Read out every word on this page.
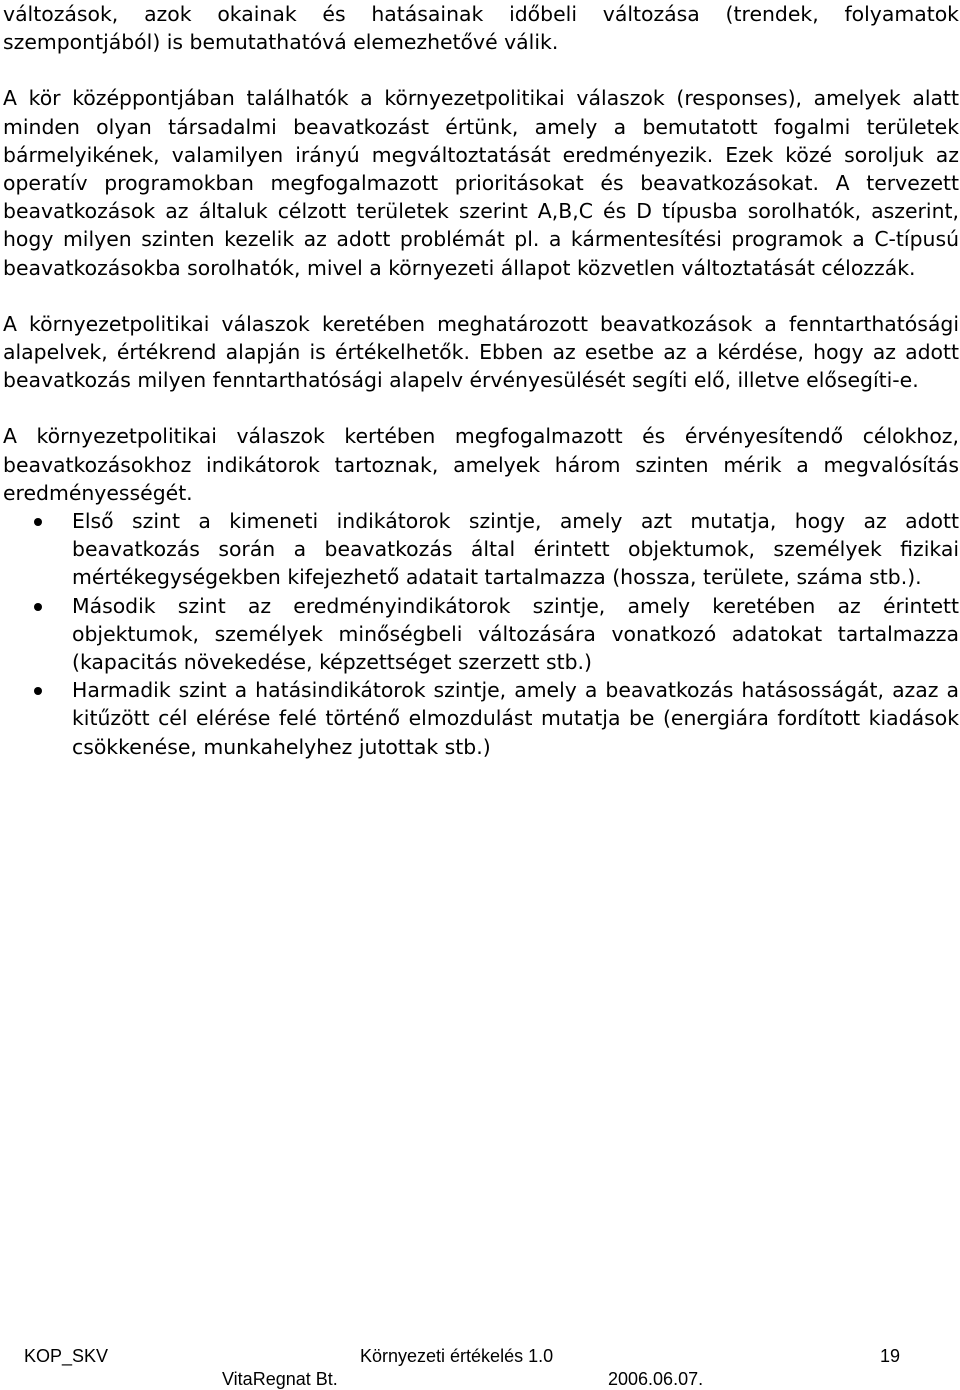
változások, azok okainak és hatásainak időbeli változása (trendek, folyamatok szempontjából) is bemutathatóvá elemezhetővé válik.

A kör középpontjában találhatók a környezetpolitikai válaszok (responses), amelyek alatt minden olyan társadalmi beavatkozást értünk, amely a bemutatott fogalmi területek bármelyikének, valamilyen irányú megváltoztatását eredményezik. Ezek közé soroljuk az operatív programokban megfogalmazott prioritásokat és beavatkozásokat. A tervezett beavatkozások az általuk célzott területek szerint A,B,C és D típusba sorolhatók, aszerint, hogy milyen szinten kezelik az adott problémát pl. a kármentesítési programok a C-típusú beavatkozásokba sorolhatók, mivel a környezeti állapot közvetlen változtatását célozzák.

A környezetpolitikai válaszok keretében meghatározott beavatkozások a fenntarthatósági alapelvek, értékrend alapján is értékelhetők. Ebben az esetbe az a kérdése, hogy az adott beavatkozás milyen fenntarthatósági alapelv érvényesülését segíti elő, illetve elősegíti-e.

A környezetpolitikai válaszok kertében megfogalmazott és érvényesítendő célokhoz, beavatkozásokhoz indikátorok tartoznak, amelyek három szinten mérik a megvalósítás eredményességét.

Első szint a kimeneti indikátorok szintje, amely azt mutatja, hogy az adott beavatkozás során a beavatkozás által érintett objektumok, személyek fizikai mértékegységekben kifejezhető adatait tartalmazza (hossza, területe, száma stb.).
Második szint az eredményindikátorok szintje, amely keretében az érintett objektumok, személyek minőségbeli változására vonatkozó adatokat tartalmazza (kapacitás növekedése, képzettséget szerzett stb.)
Harmadik szint a hatásindikátorok szintje, amely a beavatkozás hatásosságát, azaz a kitűzött cél elérése felé történő elmozdulást mutatja be (energiára fordított kiadások csökkenése, munkahelyhez jutottak stb.)
KOP_SKV	Környezeti értékelés 1.0	19
VitaRegnat Bt.	2006.06.07.
